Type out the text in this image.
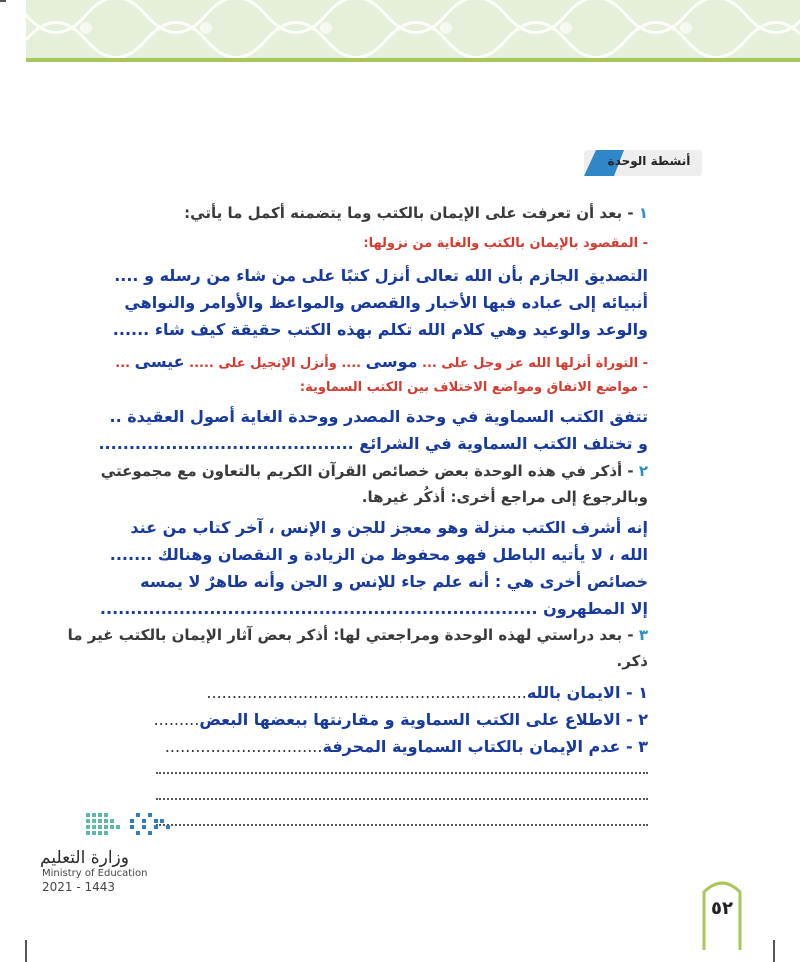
أنشطة الوحدة
١ - بعد أن تعرفت على الإيمان بالكتب وما يتضمنه أكمل ما يأتي:
- المقصود بالإيمان بالكتب والغاية من نزولها:
التصديق الجازم بأن الله تعالى أنزل كتبًا على من شاء من رسله و ....
أنبيائه إلى عباده فيها الأخبار والقصص والمواعظ والأوامر والنواهي
والوعد والوعيد وهي كلام الله تكلم بهذه الكتب حقيقة كيف شاء ......
- التوراة أنزلها الله عز وجل على ... موسى .... وأنزل الإنجيل على ..... عيسى ...
- مواضع الاتفاق ومواضع الاختلاف بين الكتب السماوية:
تتفق الكتب السماوية في وحدة المصدر ووحدة الغاية أصول العقيدة ..
و تختلف الكتب السماوية في الشرائع ..........................................
٢ - أذكر في هذه الوحدة بعض خصائص القرآن الكريم بالتعاون مع مجموعتي
وبالرجوع إلى مراجع أخرى: أذكُر غيرها.
إنه أشرف الكتب منزلة وهو معجز للجن و الإنس ، آخر كتاب من عند
الله ، لا يأتيه الباطل فهو محفوظ من الزيادة و النقصان وهنالك .......
خصائص أخرى هي : أنه علم جاء للإنس و الجن وأنه طاهرٌ لا يمسه
إلا المطهرون ........................................................................
٣ - بعد دراستي لهذه الوحدة ومراجعتي لها: أذكر بعض آثار الإيمان بالكتب غير ما
ذكر.
١ - الايمان بالله...............................................................
٢ - الاطلاع على الكتب السماوية و مقارنتها ببعضها البعض.........
٣ - عدم الإيمان بالكتاب السماوية المحرفة...............................
وزارة التعليم
Ministry of Education
2021 - 1443
٥٢
